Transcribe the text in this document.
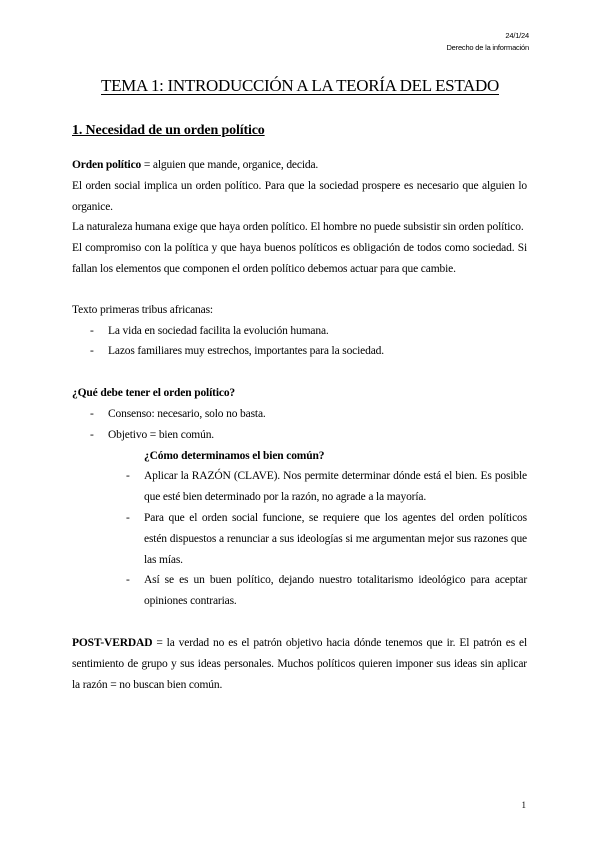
24/1/24
Derecho de la información
TEMA 1: INTRODUCCIÓN A LA TEORÍA DEL ESTADO
1. Necesidad de un orden político

Orden político = alguien que mande, organice, decida.

El orden social implica un orden político. Para que la sociedad prospere es necesario que alguien lo organice.

La naturaleza humana exige que haya orden político. El hombre no puede subsistir sin orden político.

El compromiso con la política y que haya buenos políticos es obligación de todos como sociedad. Si fallan los elementos que componen el orden político debemos actuar para que cambie.

Texto primeras tribus africanas:

- La vida en sociedad facilita la evolución humana.
- Lazos familiares muy estrechos, importantes para la sociedad.

¿Qué debe tener el orden político?

- Consenso: necesario, solo no basta.
- Objetivo = bien común.
¿Cómo determinamos el bien común?
- Aplicar la RAZÓN (CLAVE). Nos permite determinar dónde está el bien. Es posible que esté bien determinado por la razón, no agrade a la mayoría.
- Para que el orden social funcione, se requiere que los agentes del orden políticos estén dispuestos a renunciar a sus ideologías si me argumentan mejor sus razones que las mías.
- Así se es un buen político, dejando nuestro totalitarismo ideológico para aceptar opiniones contrarias.

POST-VERDAD = la verdad no es el patrón objetivo hacia dónde tenemos que ir. El patrón es el sentimiento de grupo y sus ideas personales. Muchos políticos quieren imponer sus ideas sin aplicar la razón = no buscan bien común.

1
